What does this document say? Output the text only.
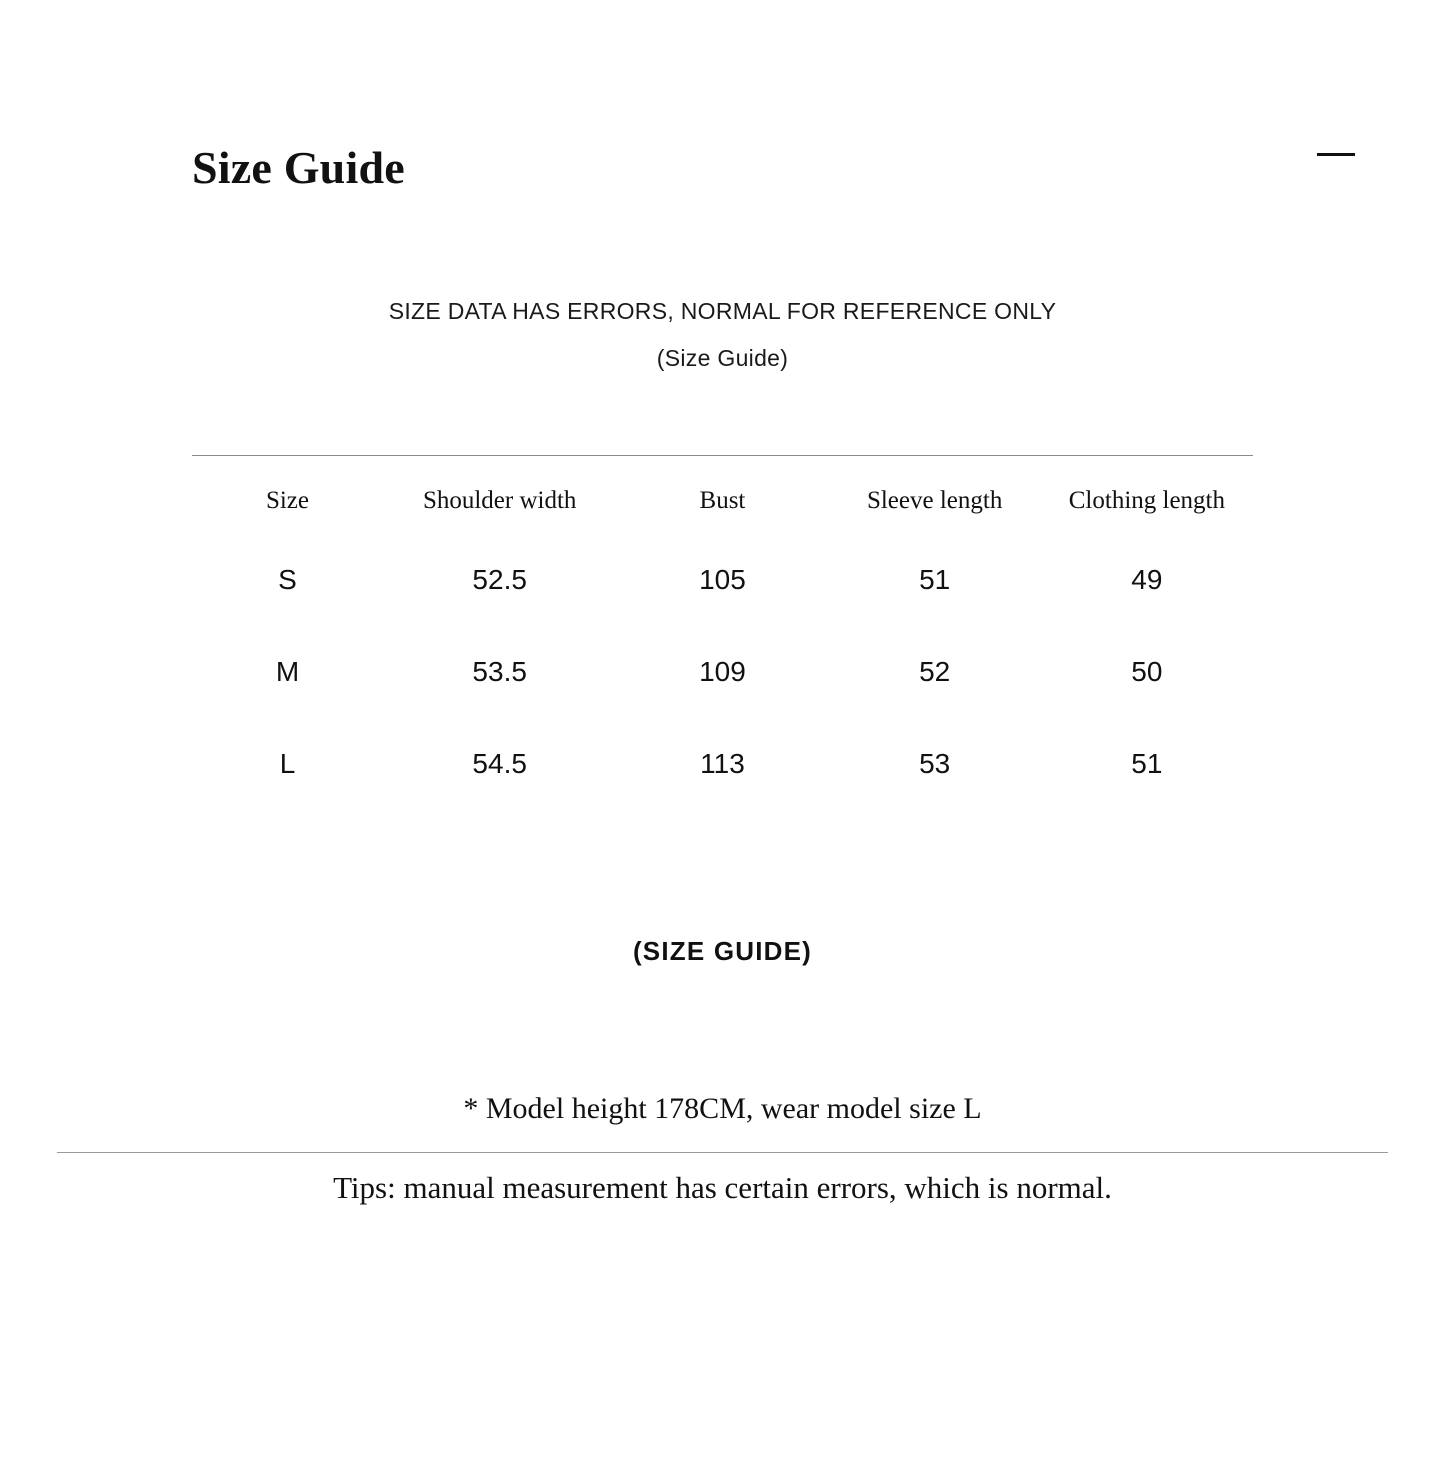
Size Guide
SIZE DATA HAS ERRORS, NORMAL FOR REFERENCE ONLY
(Size Guide)
Size	Shoulder width	Bust	Sleeve length	Clothing length
S	52.5	105	51	49
M	53.5	109	52	50
L	54.5	113	53	51
(SIZE GUIDE)
* Model height 178CM, wear model size L
Tips: manual measurement has certain errors, which is normal.
